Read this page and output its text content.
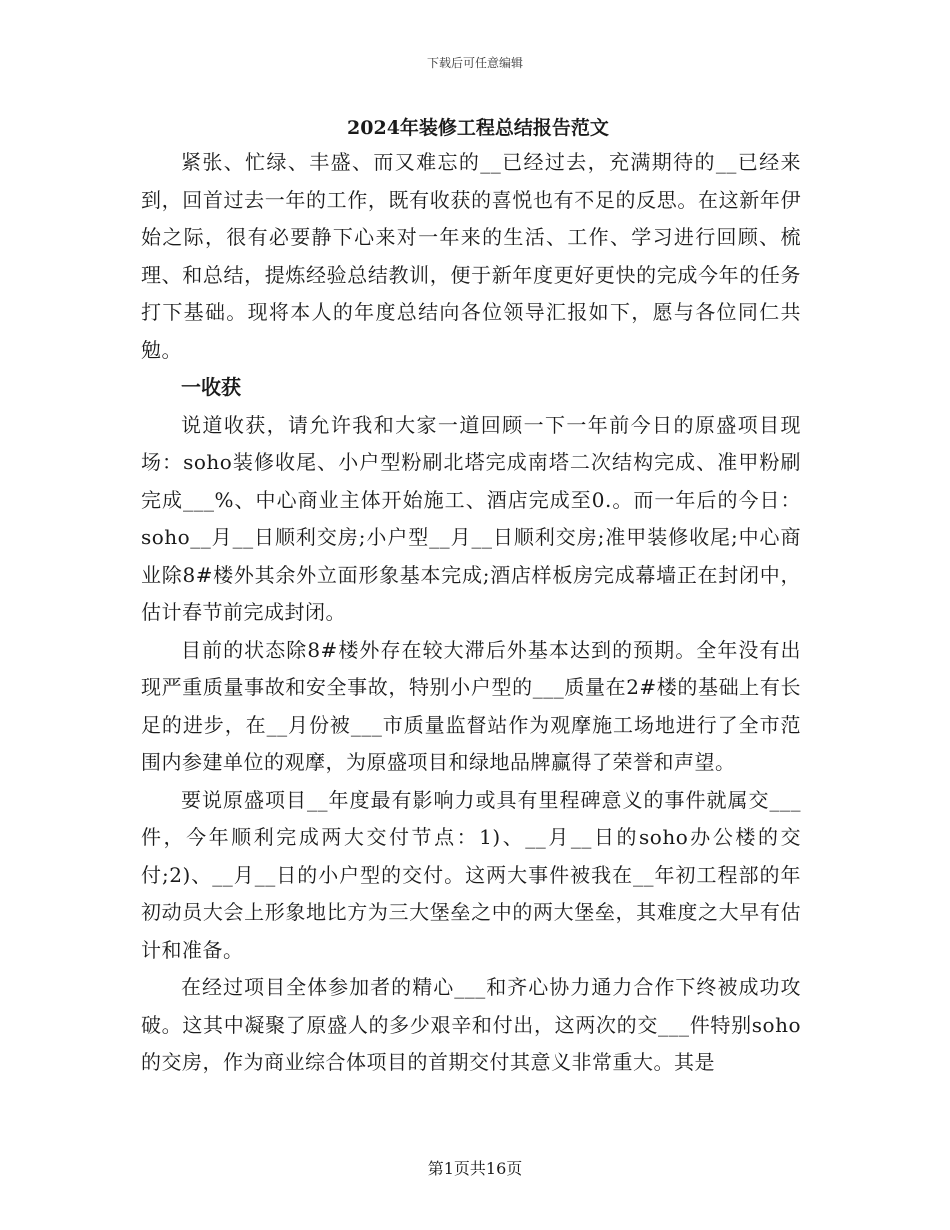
下载后可任意编辑
2024年装修工程总结报告范文

紧张、忙绿、丰盛、而又难忘的__已经过去，充满期待的__已经来到，回首过去一年的工作，既有收获的喜悦也有不足的反思。在这新年伊始之际，很有必要静下心来对一年来的生活、工作、学习进行回顾、梳理、和总结，提炼经验总结教训，便于新年度更好更快的完成今年的任务打下基础。现将本人的年度总结向各位领导汇报如下，愿与各位同仁共勉。

一收获

说道收获，请允许我和大家一道回顾一下一年前今日的原盛项目现场：soho装修收尾、小户型粉刷北塔完成南塔二次结构完成、准甲粉刷完成___%、中心商业主体开始施工、酒店完成至0.。而一年后的今日：soho__月__日顺利交房;小户型__月__日顺利交房;准甲装修收尾;中心商业除8#楼外其余外立面形象基本完成;酒店样板房完成幕墙正在封闭中，估计春节前完成封闭。

目前的状态除8#楼外存在较大滞后外基本达到的预期。全年没有出现严重质量事故和安全事故，特别小户型的___质量在2#楼的基础上有长足的进步，在__月份被___市质量监督站作为观摩施工场地进行了全市范围内参建单位的观摩，为原盛项目和绿地品牌赢得了荣誉和声望。

要说原盛项目__年度最有影响力或具有里程碑意义的事件就属交___件，今年顺利完成两大交付节点：1)、__月__日的soho办公楼的交付;2)、__月__日的小户型的交付。这两大事件被我在__年初工程部的年初动员大会上形象地比方为三大堡垒之中的两大堡垒，其难度之大早有估计和准备。

在经过项目全体参加者的精心___和齐心协力通力合作下终被成功攻破。这其中凝聚了原盛人的多少艰辛和付出，这两次的交___件特别soho的交房，作为商业综合体项目的首期交付其意义非常重大。其是

第1页共16页
